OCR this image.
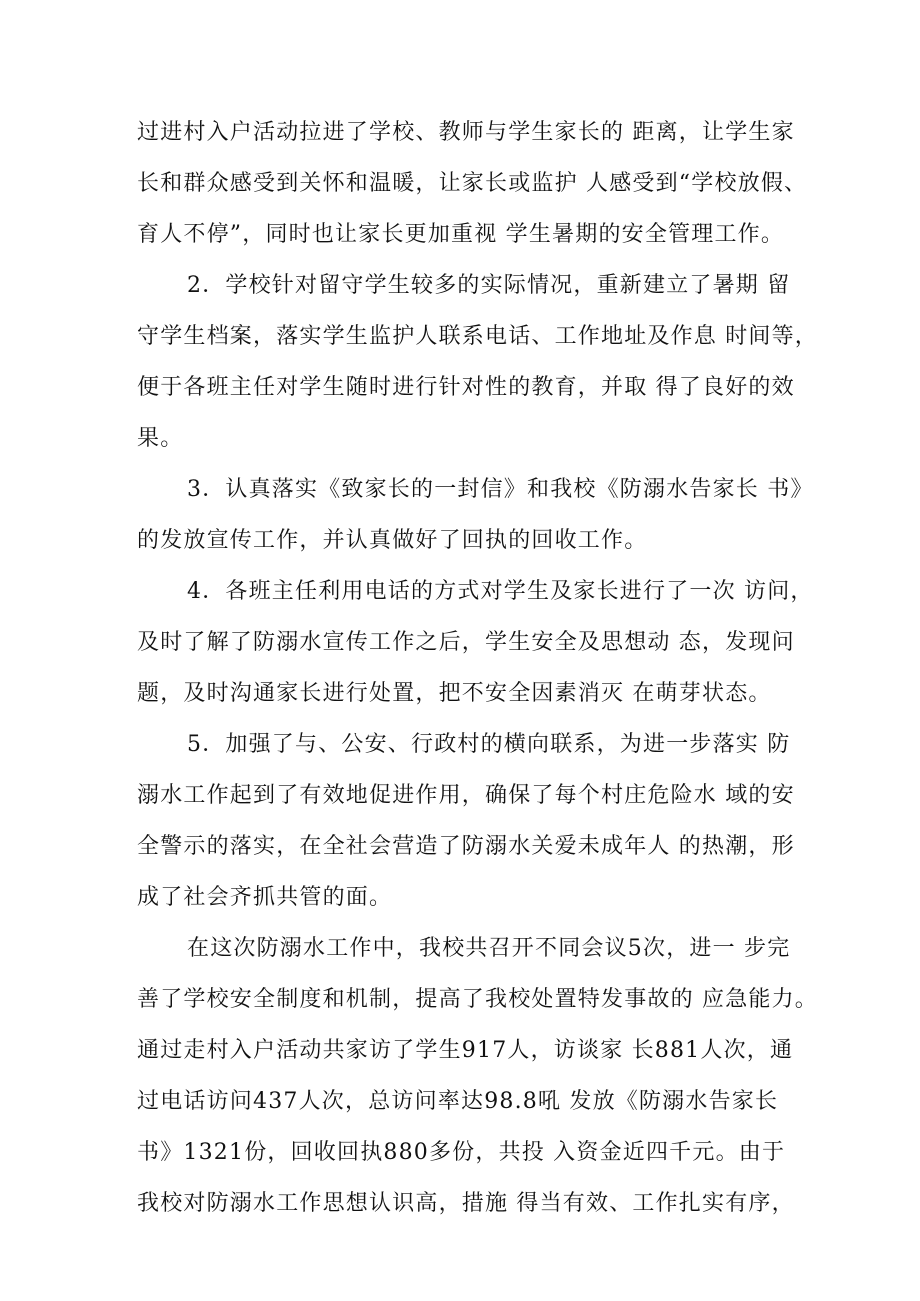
过进村入户活动拉进了学校、教师与学生家长的 距离，让学生家
长和群众感受到关怀和温暖，让家长或监护 人感受到“学校放假、
育人不停”，同时也让家长更加重视 学生暑期的安全管理工作。
2．学校针对留守学生较多的实际情况，重新建立了暑期 留
守学生档案，落实学生监护人联系电话、工作地址及作息 时间等，
便于各班主任对学生随时进行针对性的教育，并取 得了良好的效
果。
3．认真落实《致家长的一封信》和我校《防溺水告家长 书》
的发放宣传工作，并认真做好了回执的回收工作。
4．各班主任利用电话的方式对学生及家长进行了一次 访问，
及时了解了防溺水宣传工作之后，学生安全及思想动 态，发现问
题，及时沟通家长进行处置，把不安全因素消灭 在萌芽状态。
5．加强了与、公安、行政村的横向联系，为进一步落实 防
溺水工作起到了有效地促进作用，确保了每个村庄危险水 域的安
全警示的落实，在全社会营造了防溺水关爱未成年人 的热潮，形
成了社会齐抓共管的面。
在这次防溺水工作中，我校共召开不同会议5次，进一 步完
善了学校安全制度和机制，提高了我校处置特发事故的 应急能力。
通过走村入户活动共家访了学生917人，访谈家 长881人次，通
过电话访问437人次，总访问率达98.8吼 发放《防溺水告家长
书》1321份，回收回执880多份，共投 入资金近四千元。由于
我校对防溺水工作思想认识高，措施 得当有效、工作扎实有序，
